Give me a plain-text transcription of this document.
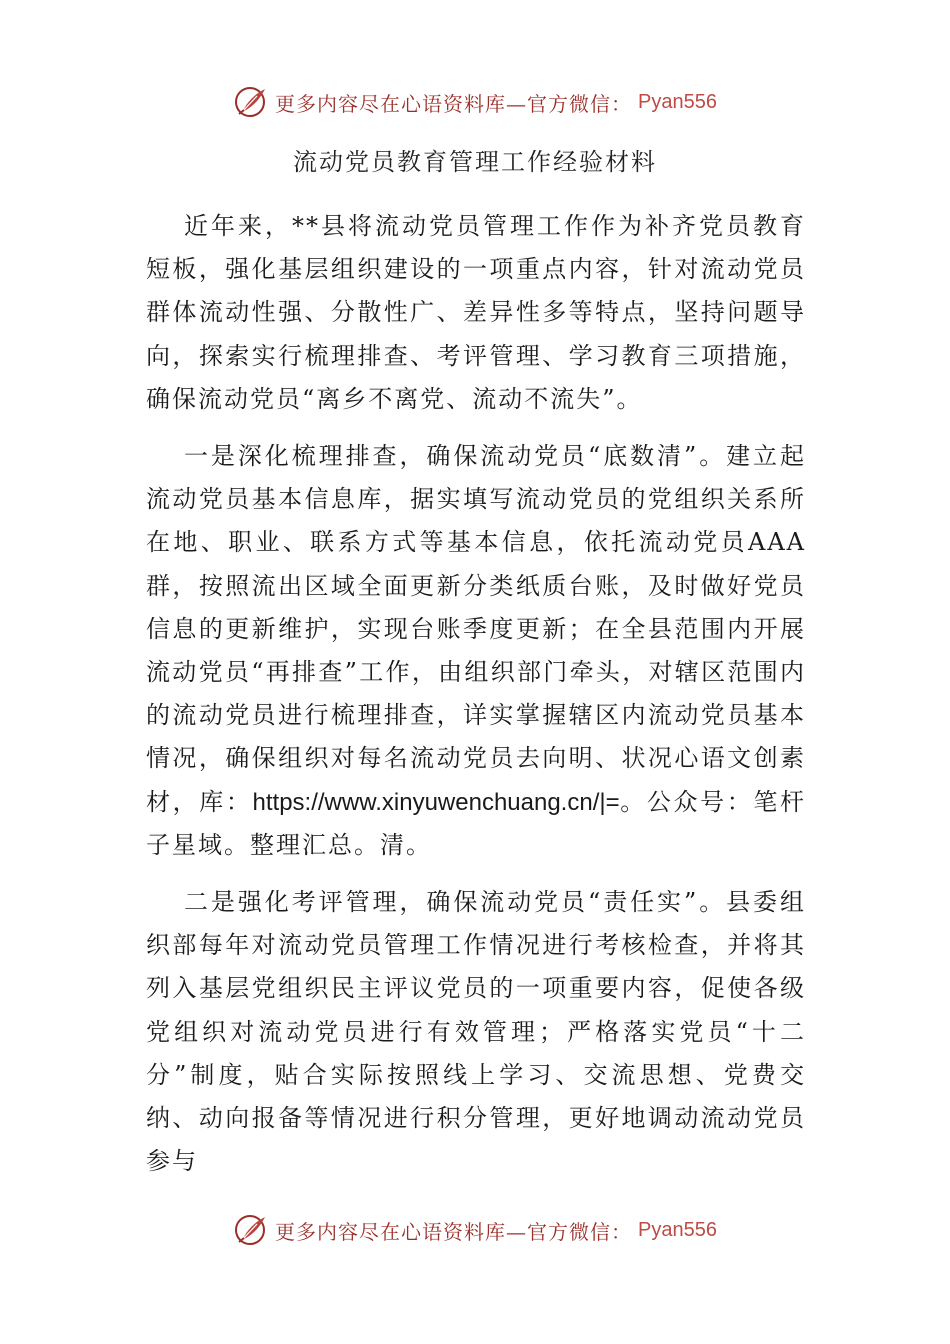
更多内容尽在心语资料库—官方微信： Pyan556
流动党员教育管理工作经验材料

近年来，**县将流动党员管理工作作为补齐党员教育短板，强化基层组织建设的一项重点内容，针对流动党员群体流动性强、分散性广、差异性多等特点，坚持问题导向，探索实行梳理排查、考评管理、学习教育三项措施，确保流动党员“离乡不离党、流动不流失”。

一是深化梳理排查，确保流动党员“底数清”。建立起流动党员基本信息库，据实填写流动党员的党组织关系所在地、职业、联系方式等基本信息，依托流动党员AAA群，按照流出区域全面更新分类纸质台账，及时做好党员信息的更新维护，实现台账季度更新；在全县范围内开展流动党员“再排查”工作，由组织部门牵头，对辖区范围内的流动党员进行梳理排查，详实掌握辖区内流动党员基本情况，确保组织对每名流动党员去向明、状况心语文创素材，库：https://www.xinyuwenchuang.cn/|=。公众号：笔杆子星域。整理汇总。清。

二是强化考评管理，确保流动党员“责任实”。县委组织部每年对流动党员管理工作情况进行考核检查，并将其列入基层党组织民主评议党员的一项重要内容，促使各级党组织对流动党员进行有效管理；严格落实党员“十二分”制度，贴合实际按照线上学习、交流思想、党费交纳、动向报备等情况进行积分管理，更好地调动流动党员参与

更多内容尽在心语资料库—官方微信： Pyan556
